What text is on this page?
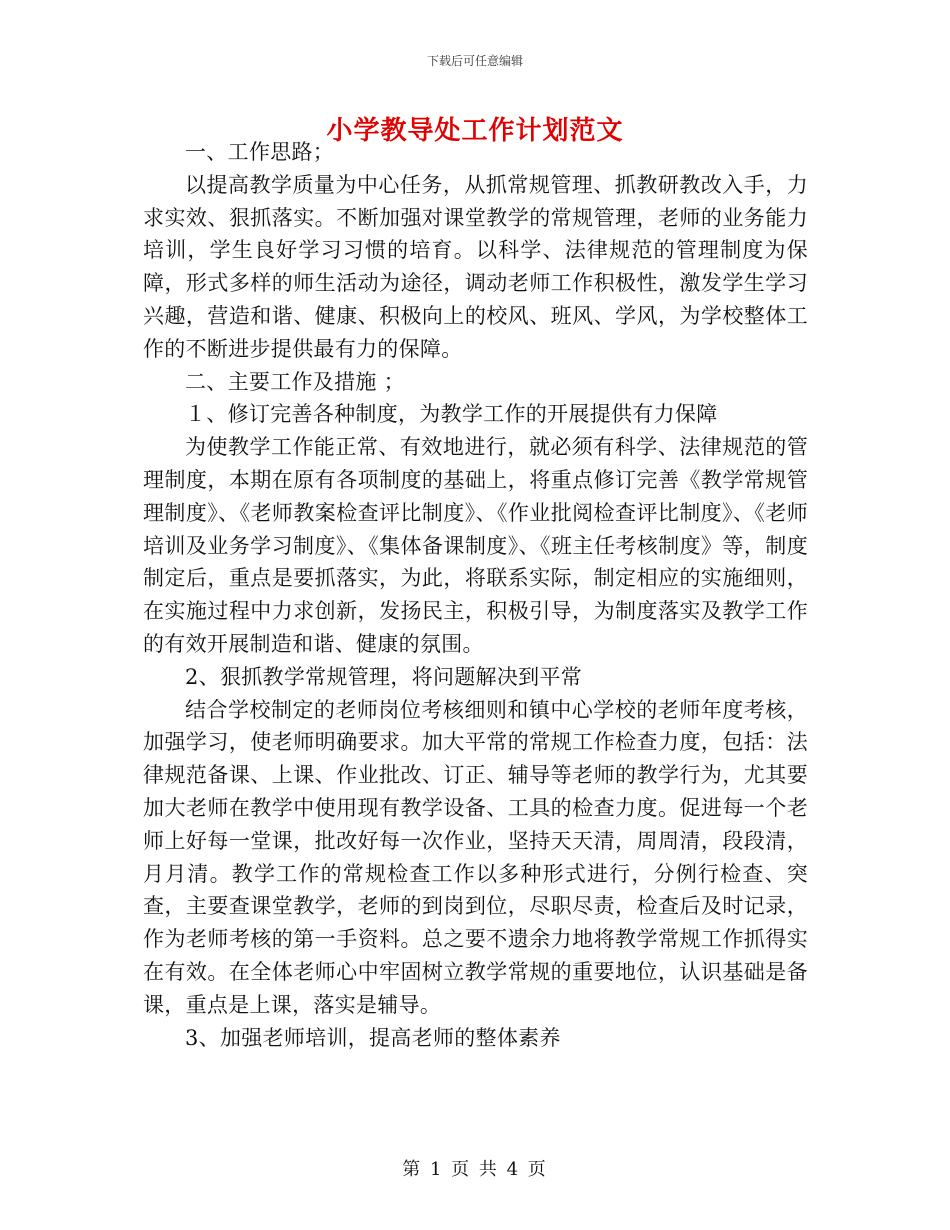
下载后可任意编辑
小学教导处工作计划范文

一、工作思路；

以提高教学质量为中心任务，从抓常规管理、抓教研教改入手，力求实效、狠抓落实。不断加强对课堂教学的常规管理，老师的业务能力培训，学生良好学习习惯的培育。以科学、法律规范的管理制度为保障，形式多样的师生活动为途径，调动老师工作积极性，激发学生学习兴趣，营造和谐、健康、积极向上的校风、班风、学风，为学校整体工作的不断进步提供最有力的保障。

二、主要工作及措施 ；

１、修订完善各种制度，为教学工作的开展提供有力保障

为使教学工作能正常、有效地进行，就必须有科学、法律规范的管理制度，本期在原有各项制度的基础上，将重点修订完善《教学常规管理制度》、《老师教案检查评比制度》、《作业批阅检查评比制度》、《老师培训及业务学习制度》、《集体备课制度》、《班主任考核制度》等，制度制定后，重点是要抓落实，为此，将联系实际，制定相应的实施细则，在实施过程中力求创新，发扬民主，积极引导，为制度落实及教学工作的有效开展制造和谐、健康的氛围。

2、狠抓教学常规管理，将问题解决到平常

结合学校制定的老师岗位考核细则和镇中心学校的老师年度考核，加强学习，使老师明确要求。加大平常的常规工作检查力度，包括：法律规范备课、上课、作业批改、订正、辅导等老师的教学行为，尤其要加大老师在教学中使用现有教学设备、工具的检查力度。促进每一个老师上好每一堂课，批改好每一次作业，坚持天天清，周周清，段段清，月月清。教学工作的常规检查工作以多种形式进行，分例行检查、突查，主要查课堂教学，老师的到岗到位，尽职尽责，检查后及时记录，作为老师考核的第一手资料。总之要不遗余力地将教学常规工作抓得实在有效。在全体老师心中牢固树立教学常规的重要地位，认识基础是备课，重点是上课，落实是辅导。

3、加强老师培训，提高老师的整体素养

第 1 页 共 4 页
